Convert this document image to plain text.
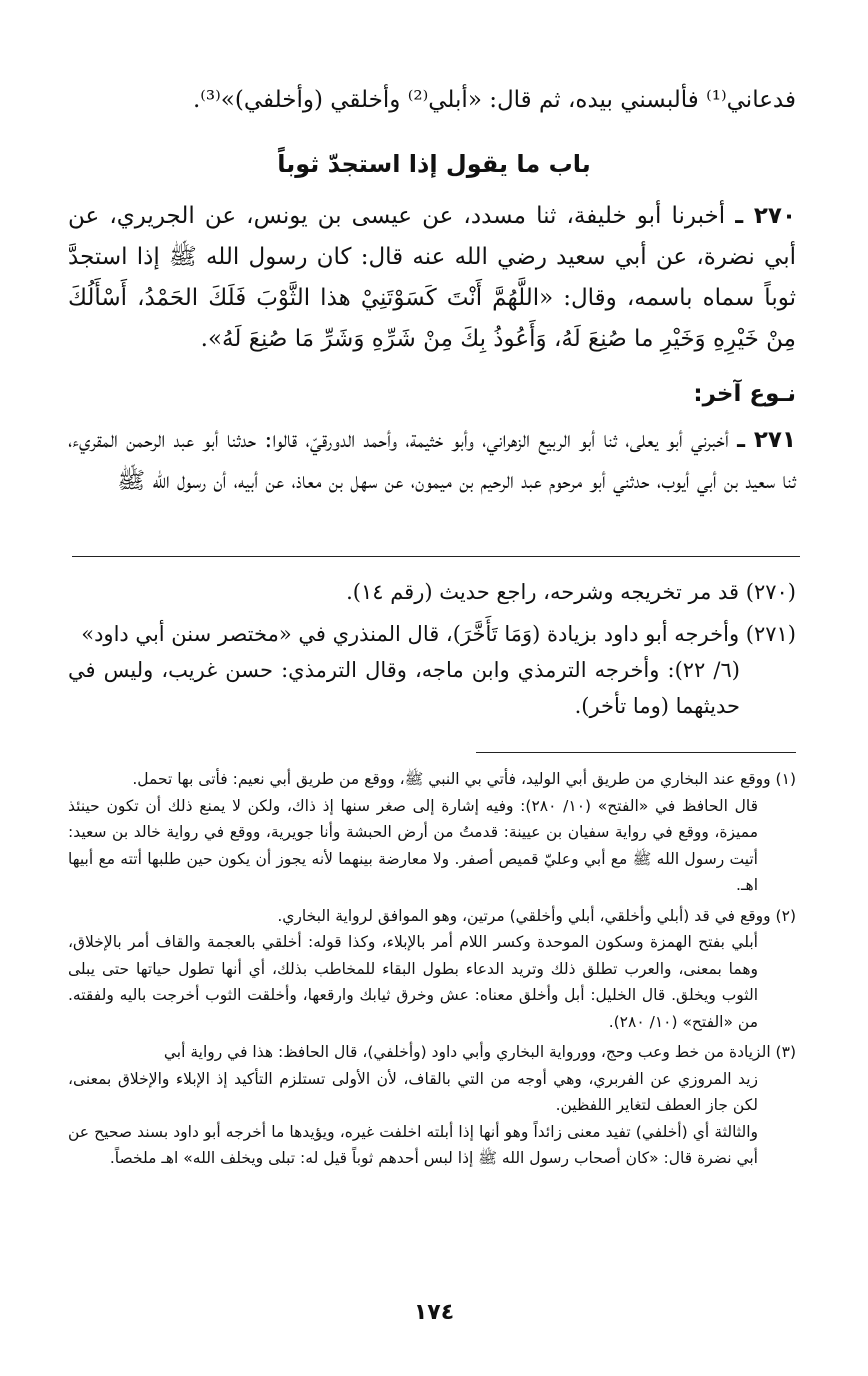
فدعاني⁽¹⁾ فألبسني بيده، ثم قال: «أبلي⁽²⁾ وأخلقي (وأخلفي)»⁽³⁾.

باب ما يقول إذا استجدّ ثوباً

٢٧٠ ـ أخبرنا أبو خليفة، ثنا مسدد، عن عيسى بن يونس، عن الجريري، عن أبي نضرة، عن أبي سعيد رضي الله عنه قال: كان رسول الله ﷺ إذا استجدَّ ثوباً سماه باسمه، وقال: «اللَّهُمَّ أَنْتَ كَسَوْتَنِيْ هذا الثَّوْبَ فَلَكَ الحَمْدُ، أَسْأَلُكَ مِنْ خَيْرِهِ وَخَيْرِ ما صُنِعَ لَهُ، وَأَعُوذُ بِكَ مِنْ شَرِّهِ وَشَرِّ مَا صُنِعَ لَهُ».

نـوع آخر:

٢٧١ ـ أخبرني أبو يعلى، ثنا أبو الربيع الزهراني، وأبو خثيمة، وأحمد الدورقيّ، قالوا: حدثنا أبو عبد الرحمن المقريء، ثنا سعيد بن أبي أيوب، حدثني أبو مرحوم عبد الرحيم بن ميمون، عن سهل بن معاذ، عن أبيه، أن رسول الله ﷺ

(٢٧٠) قد مر تخريجه وشرحه، راجع حديث (رقم ١٤).

(٢٧١) وأخرجه أبو داود بزيادة (وَمَا تَأَخَّرَ)، قال المنذري في «مختصر سنن أبي داود»
(٦/ ٢٢): وأخرجه الترمذي وابن ماجه، وقال الترمذي: حسن غريب، وليس في حديثهما (وما تأخر).

(١) ووقع عند البخاري من طريق أبي الوليد، فأتي بي النبي ﷺ، ووقع من طريق أبي نعيم: فأتى بها تحمل.
قال الحافظ في «الفتح» (١٠/ ٢٨٠): وفيه إشارة إلى صغر سنها إذ ذاك، ولكن لا يمنع ذلك أن تكون حينئذ مميزة، ووقع في رواية سفيان بن عيينة: قدمتُ من أرض الحبشة وأنا جويرية، ووقع في رواية خالد بن سعيد: أتيت رسول الله ﷺ مع أبي وعليّ قميص أصفر. ولا معارضة بينهما لأنه يجوز أن يكون حين طلبها أتته مع أبيها اهـ.

(٢) ووقع في قد (أبلي وأخلقي، أبلي وأخلقي) مرتين، وهو الموافق لرواية البخاري.
أبلي بفتح الهمزة وسكون الموحدة وكسر اللام أمر بالإبلاء، وكذا قوله: أخلقي بالعجمة والقاف أمر بالإخلاق، وهما بمعنى، والعرب تطلق ذلك وتريد الدعاء بطول البقاء للمخاطب بذلك، أي أنها تطول حياتها حتى يبلى الثوب ويخلق. قال الخليل: أبل وأخلق معناه: عش وخرق ثيابك وارقعها، وأخلقت الثوب أخرجت باليه ولفقته. من «الفتح» (١٠/ ٢٨٠).

(٣) الزيادة من خط وعب وحج، وورواية البخاري وأبي داود (وأخلفي)، قال الحافظ: هذا في رواية أبي
زيد المروزي عن الفربري، وهي أوجه من التي بالقاف، لأن الأولى تستلزم التأكيد إذ الإبلاء والإخلاق بمعنى، لكن جاز العطف لتغاير اللفظين.
والثالثة أي (أخلفي) تفيد معنى زائداً وهو أنها إذا أبلته اخلفت غيره، ويؤيدها ما أخرجه أبو داود بسند صحيح عن أبي نضرة قال: «كان أصحاب رسول الله ﷺ إذا لبس أحدهم ثوباً قيل له: تبلى ويخلف الله» اهـ ملخصاً.

١٧٤
